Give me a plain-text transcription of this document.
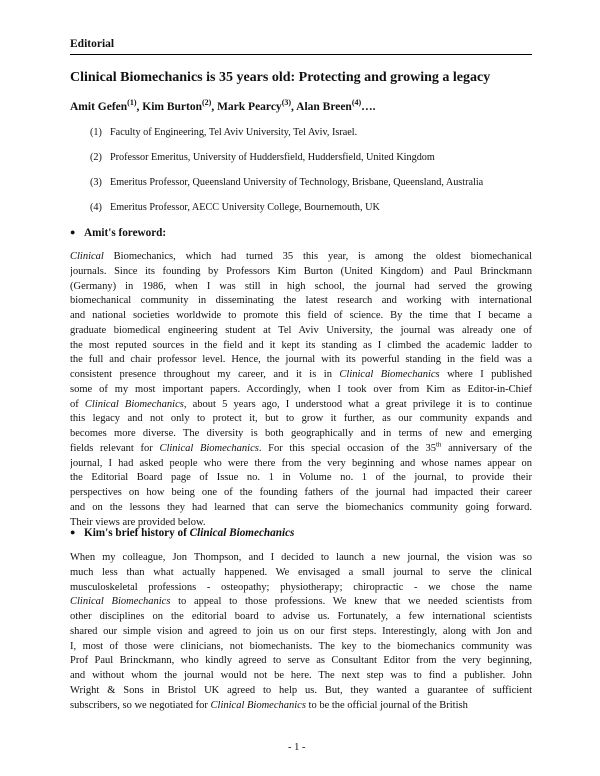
Editorial
Clinical Biomechanics is 35 years old: Protecting and growing a legacy
Amit Gefen$^{(1)}$, Kim Burton$^{(2)}$, Mark Pearcy$^{(3)}$, Alan Breen$^{(4)}$….
(1) Faculty of Engineering, Tel Aviv University, Tel Aviv, Israel.
(2) Professor Emeritus, University of Huddersfield, Huddersfield, United Kingdom
(3) Emeritus Professor, Queensland University of Technology, Brisbane, Queensland, Australia
(4) Emeritus Professor, AECC University College, Bournemouth, UK
● Amit's foreword:
Clinical Biomechanics, which had turned 35 this year, is among the oldest biomechanical
journals. Since its founding by Professors Kim Burton (United Kingdom) and Paul Brinckmann
(Germany) in 1986, when I was still in high school, the journal had served the growing
biomechanical community in disseminating the latest research and working with international
and national societies worldwide to promote this field of science. By the time that I became a
graduate biomedical engineering student at Tel Aviv University, the journal was already one of
the most reputed sources in the field and it kept its standing as I climbed the academic ladder to
the full and chair professor level. Hence, the journal with its powerful standing in the field was a
consistent presence throughout my career, and it is in Clinical Biomechanics where I published
some of my most important papers. Accordingly, when I took over from Kim as Editor-in-Chief
of Clinical Biomechanics, about 5 years ago, I understood what a great privilege it is to continue
this legacy and not only to protect it, but to grow it further, as our community expands and
becomes more diverse. The diversity is both geographically and in terms of new and emerging
fields relevant for Clinical Biomechanics. For this special occasion of the 35th anniversary of the
journal, I had asked people who were there from the very beginning and whose names appear on
the Editorial Board page of Issue no. 1 in Volume no. 1 of the journal, to provide their
perspectives on how being one of the founding fathers of the journal had impacted their career
and on the lessons they had learned that can serve the biomechanics community going forward.
Their views are provided below.
● Kim's brief history of Clinical Biomechanics
When my colleague, Jon Thompson, and I decided to launch a new journal, the vision was so
much less than what actually happened. We envisaged a small journal to serve the clinical
musculoskeletal professions - osteopathy; physiotherapy; chiropractic - we chose the name
Clinical Biomechanics to appeal to those professions. We knew that we needed scientists from
other disciplines on the editorial board to advise us. Fortunately, a few international scientists
shared our simple vision and agreed to join us on our first steps. Interestingly, along with Jon and
I, most of those were clinicians, not biomechanists. The key to the biomechanics community was
Prof Paul Brinckmann, who kindly agreed to serve as Consultant Editor from the very beginning,
and without whom the journal would not be here. The next step was to find a publisher. John
Wright & Sons in Bristol UK agreed to help us. But, they wanted a guarantee of sufficient
subscribers, so we negotiated for Clinical Biomechanics to be the official journal of the British
- 1 -
